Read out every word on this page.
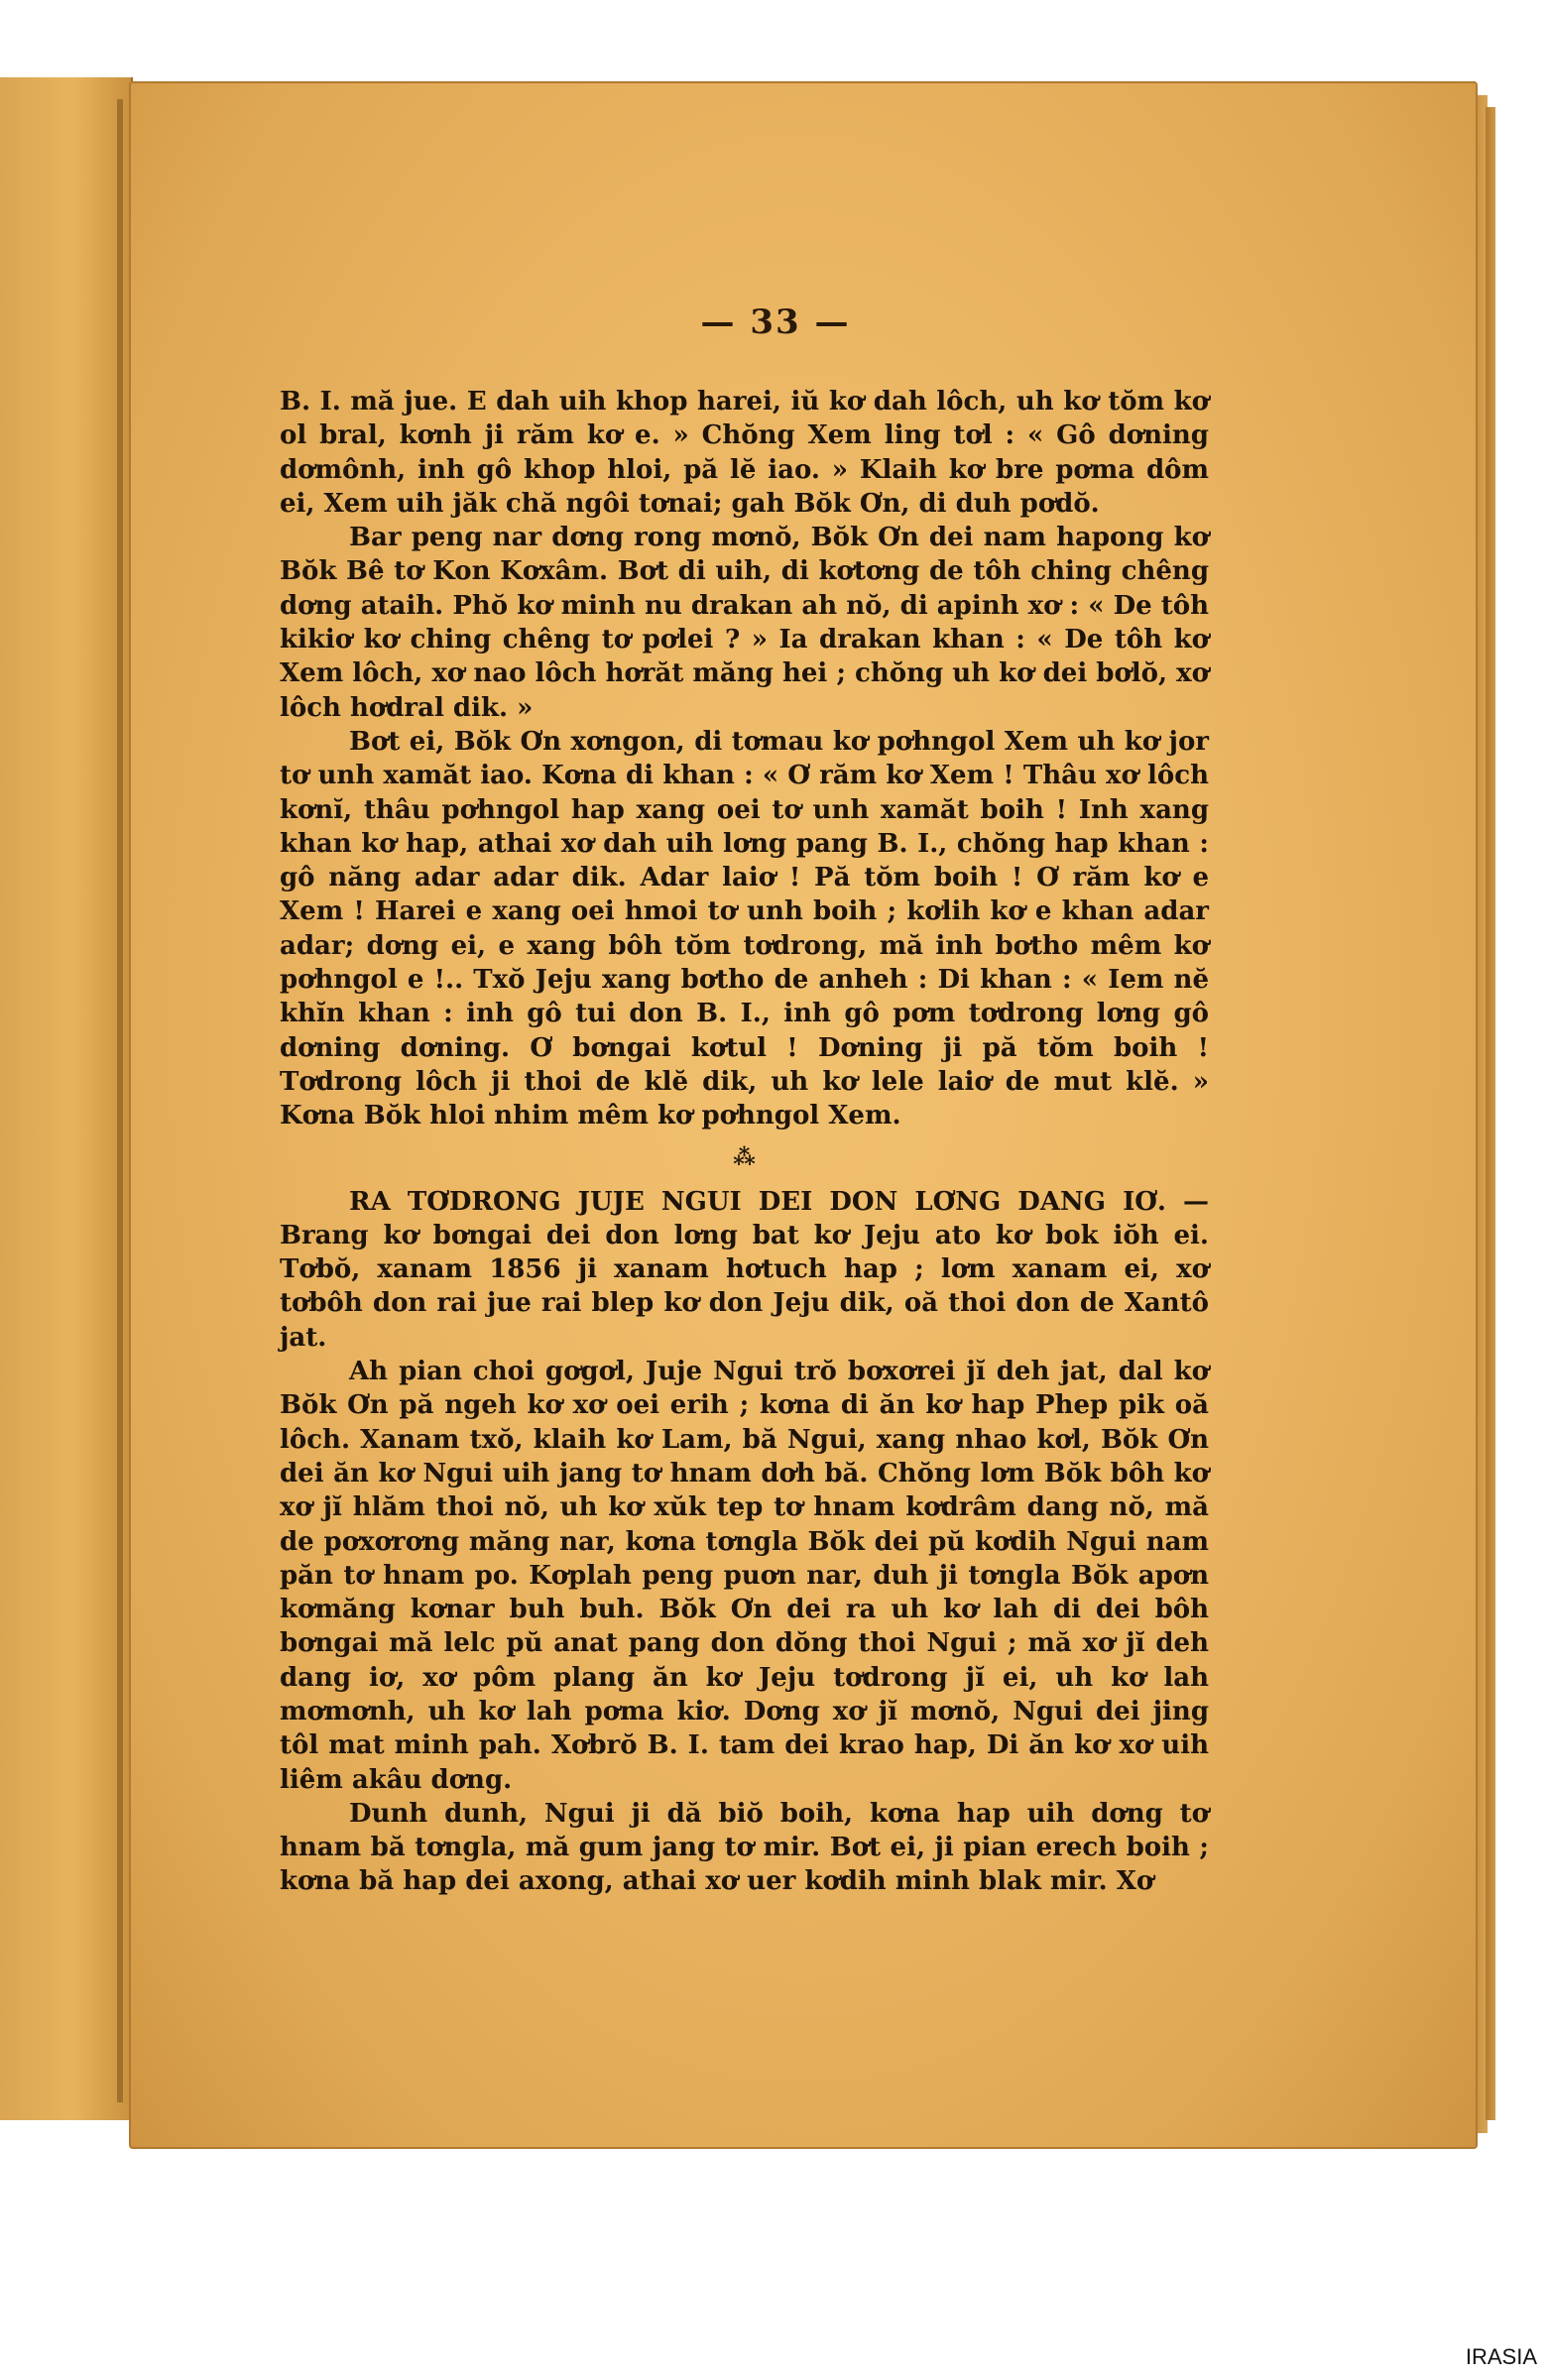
— 33 —

B. I. mă jue. E dah uih khop harei, iŭ kơ dah lôch, uh kơ tŏm kơ ol bral, kơnh ji răm kơ e. » Chŏng Xem ling tơl : « Gô dơning dơmônh, inh gô khop hloi, pă lĕ iao. » Klaih kơ bre pơma dôm ei, Xem uih jăk chă ngôi tơnai; gah Bŏk Ơn, di duh pơdŏ.

Bar peng nar dơng rong mơnŏ, Bŏk Ơn dei nam hapong kơ Bŏk Bê tơ Kon Kơxâm. Bơt di uih, di kơtơng de tôh ching chêng dơng ataih. Phŏ kơ minh nu drakan ah nŏ, di apinh xơ : « De tôh kikiơ kơ ching chêng tơ pơlei ? » Ia drakan khan : « De tôh kơ Xem lôch, xơ nao lôch hơrăt măng hei ; chŏng uh kơ dei bơlŏ, xơ lôch hơdral dik. »

Bơt ei, Bŏk Ơn xơngon, di tơmau kơ pơhngol Xem uh kơ jor tơ unh xamăt iao. Kơna di khan : « Ơ răm kơ Xem ! Thâu xơ lôch kơnĭ, thâu pơhngol hap xang oei tơ unh xamăt boih ! Inh xang khan kơ hap, athai xơ dah uih lơng pang B. I., chŏng hap khan : gô năng adar adar dik. Adar laiơ ! Pă tŏm boih ! Ơ răm kơ e Xem ! Harei e xang oei hmoi tơ unh boih ; kơlih kơ e khan adar adar; dơng ei, e xang bôh tŏm tơdrong, mă inh bơtho mêm kơ pơhngol e !.. Txŏ Jeju xang bơtho de anheh : Di khan : « Iem nĕ khĭn khan : inh gô tui don B. I., inh gô pơm tơdrong lơng gô dơning dơning. Ơ bơngai kơtul ! Dơning ji pă tŏm boih ! Tơdrong lôch ji thoi de klĕ dik, uh kơ lele laiơ de mut klĕ. » Kơna Bŏk hloi nhim mêm kơ pơhngol Xem.

⁂

RA TƠDRONG JUJE NGUI DEI DON LƠNG DANG IƠ. — Brang kơ bơngai dei don lơng bat kơ Jeju ato kơ bok iŏh ei. Tơbŏ, xanam 1856 ji xanam hơtuch hap ; lơm xanam ei, xơ tơbôh don rai jue rai blep kơ don Jeju dik, oă thoi don de Xantô jat.

Ah pian choi gơgơl, Juje Ngui trŏ bơxơrei jĭ deh jat, dal kơ Bŏk Ơn pă ngeh kơ xơ oei erih ; kơna di ăn kơ hap Phep pik oă lôch. Xanam txŏ, klaih kơ Lam, bă Ngui, xang nhao kơl, Bŏk Ơn dei ăn kơ Ngui uih jang tơ hnam dơh bă. Chŏng lơm Bŏk bôh kơ xơ jĭ hlăm thoi nŏ, uh kơ xŭk tep tơ hnam kơdrâm dang nŏ, mă de pơxơrơng măng nar, kơna tơngla Bŏk dei pŭ kơdih Ngui nam păn tơ hnam po. Kơplah peng puơn nar, duh ji tơngla Bŏk apơn kơmăng kơnar buh buh. Bŏk Ơn dei ra uh kơ lah di dei bôh bơngai mă lelc pŭ anat pang don dŏng thoi Ngui ; mă xơ jĭ deh dang iơ, xơ pôm plang ăn kơ Jeju tơdrong jĭ ei, uh kơ lah mơmơnh, uh kơ lah pơma kiơ. Dơng xơ jĭ mơnŏ, Ngui dei jing tôl mat minh pah. Xơbrŏ B. I. tam dei krao hap, Di ăn kơ xơ uih liêm akâu dơng.

Dunh dunh, Ngui ji dă biŏ boih, kơna hap uih dơng tơ hnam bă tơngla, mă gum jang tơ mir. Bơt ei, ji pian erech boih ; kơna bă hap dei axong, athai xơ uer kơdih minh blak mir. Xơ

IRASIA
